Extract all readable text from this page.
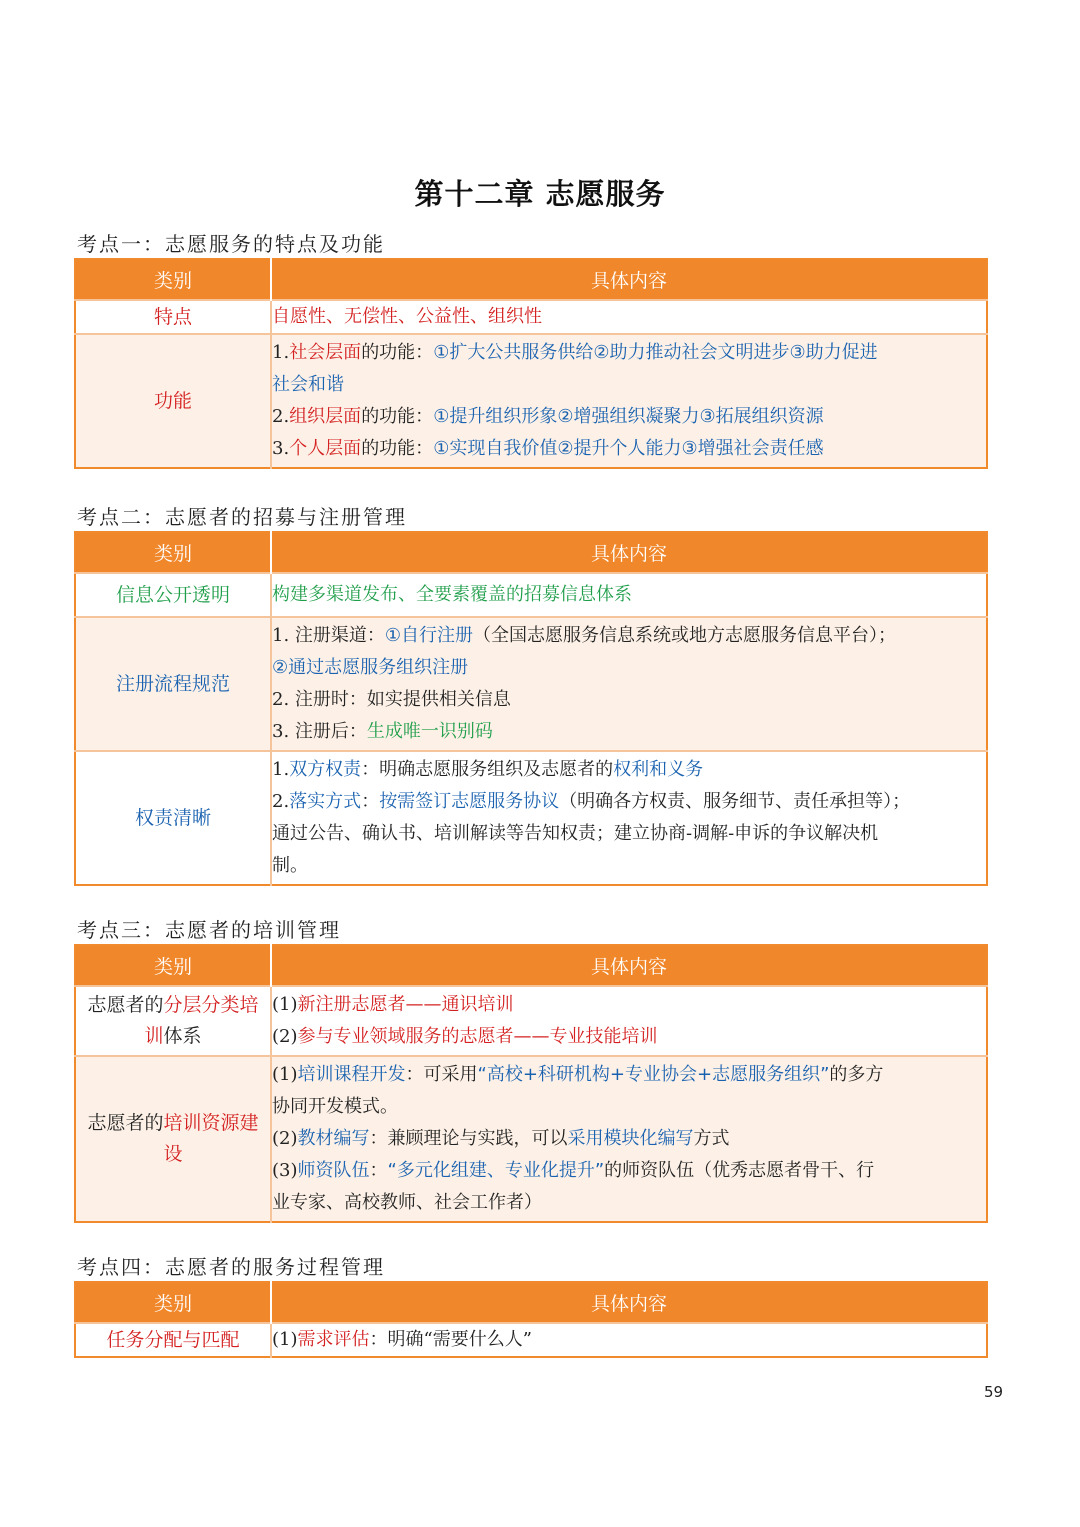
第十二章 志愿服务
考点一：志愿服务的特点及功能
类别	具体内容
特点	自愿性、无偿性、公益性、组织性

功能	1.社会层面的功能：①扩大公共服务供给②助力推动社会文明进步③助力促进
社会和谐
2.组织层面的功能：①提升组织形象②增强组织凝聚力③拓展组织资源
3.个人层面的功能：①实现自我价值②提升个人能力③增强社会责任感
考点二：志愿者的招募与注册管理
类别	具体内容
信息公开透明	构建多渠道发布、全要素覆盖的招募信息体系

注册流程规范	1. 注册渠道：①自行注册（全国志愿服务信息系统或地方志愿服务信息平台）；
②通过志愿服务组织注册
2. 注册时：如实提供相关信息
3. 注册后：生成唯一识别码

权责清晰	1.双方权责：明确志愿服务组织及志愿者的权利和义务
2.落实方式：按需签订志愿服务协议（明确各方权责、服务细节、责任承担等）；
通过公告、确认书、培训解读等告知权责；建立协商-调解-申诉的争议解决机
制。
考点三：志愿者的培训管理
类别	具体内容
志愿者的分层分类培
训体系	(1)新注册志愿者——通识培训
(2)参与专业领域服务的志愿者——专业技能培训

志愿者的培训资源建
设	(1)培训课程开发：可采用“高校+科研机构+专业协会+志愿服务组织”的多方
协同开发模式。
(2)教材编写：兼顾理论与实践，可以采用模块化编写方式
(3)师资队伍：“多元化组建、专业化提升”的师资队伍（优秀志愿者骨干、行
业专家、高校教师、社会工作者）
考点四：志愿者的服务过程管理
类别	具体内容
任务分配与匹配	(1)需求评估：明确“需要什么人”
59
